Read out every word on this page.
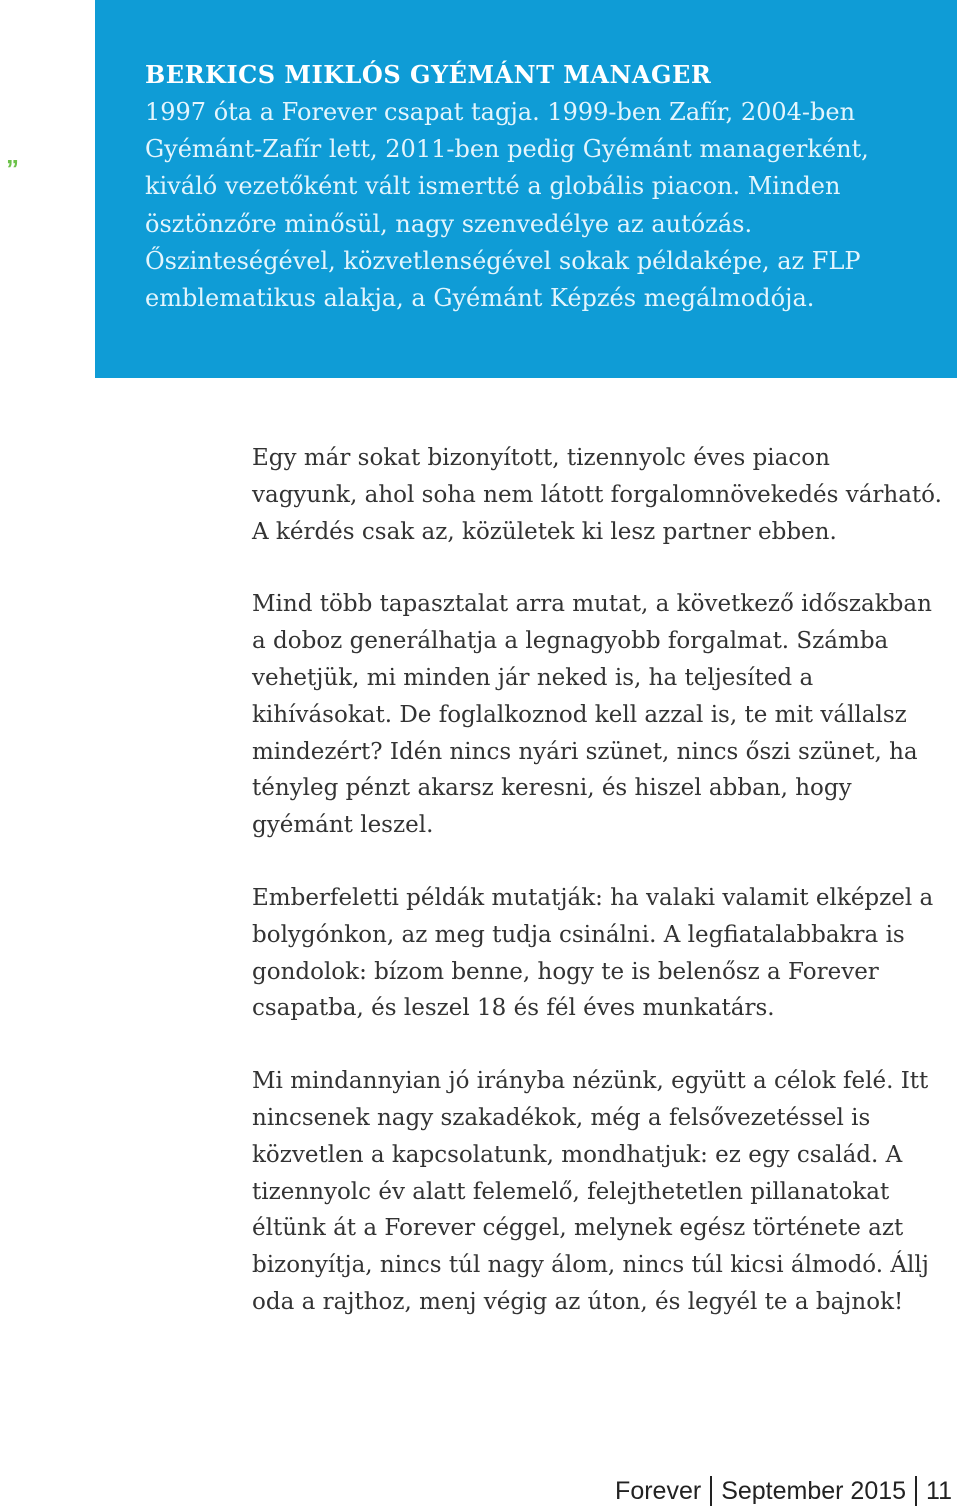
”
BERKICS MIKLÓS GYÉMÁNT MANAGER

1997 óta a Forever csapat tagja. 1999-ben Zafír, 2004-ben Gyémánt-Zafír lett, 2011-ben pedig Gyémánt managerként, kiváló vezetőként vált ismertté a globális piacon. Minden ösztönzőre minősül, nagy szenvedélye az autózás. Őszinteségével, közvetlenségével sokak példaképe, az FLP emblematikus alakja, a Gyémánt Képzés megálmodója.

Egy már sokat bizonyított, tizennyolc éves piacon vagyunk, ahol soha nem látott forgalomnövekedés várható. A kérdés csak az, közületek ki lesz partner ebben.

Mind több tapasztalat arra mutat, a következő időszakban a doboz generálhatja a legnagyobb forgalmat. Számba vehetjük, mi minden jár neked is, ha teljesíted a kihívásokat. De foglalkoznod kell azzal is, te mit vállalsz mindezért? Idén nincs nyári szünet, nincs őszi szünet, ha tényleg pénzt akarsz keresni, és hiszel abban, hogy gyémánt leszel.

Emberfeletti példák mutatják: ha valaki valamit elképzel a bolygónkon, az meg tudja csinálni. A legfiatalabbakra is gondolok: bízom benne, hogy te is belenősz a Forever csapatba, és leszel 18 és fél éves munkatárs.

Mi mindannyian jó irányba nézünk, együtt a célok felé. Itt nincsenek nagy szakadékok, még a felsővezetéssel is közvetlen a kapcsolatunk, mondhatjuk: ez egy család. A tizennyolc év alatt felemelő, felejthetetlen pillanatokat éltünk át a Forever céggel, melynek egész története azt bizonyítja, nincs túl nagy álom, nincs túl kicsi álmodó. Állj oda a rajthoz, menj végig az úton, és legyél te a bajnok!

Forever September 2015 11
